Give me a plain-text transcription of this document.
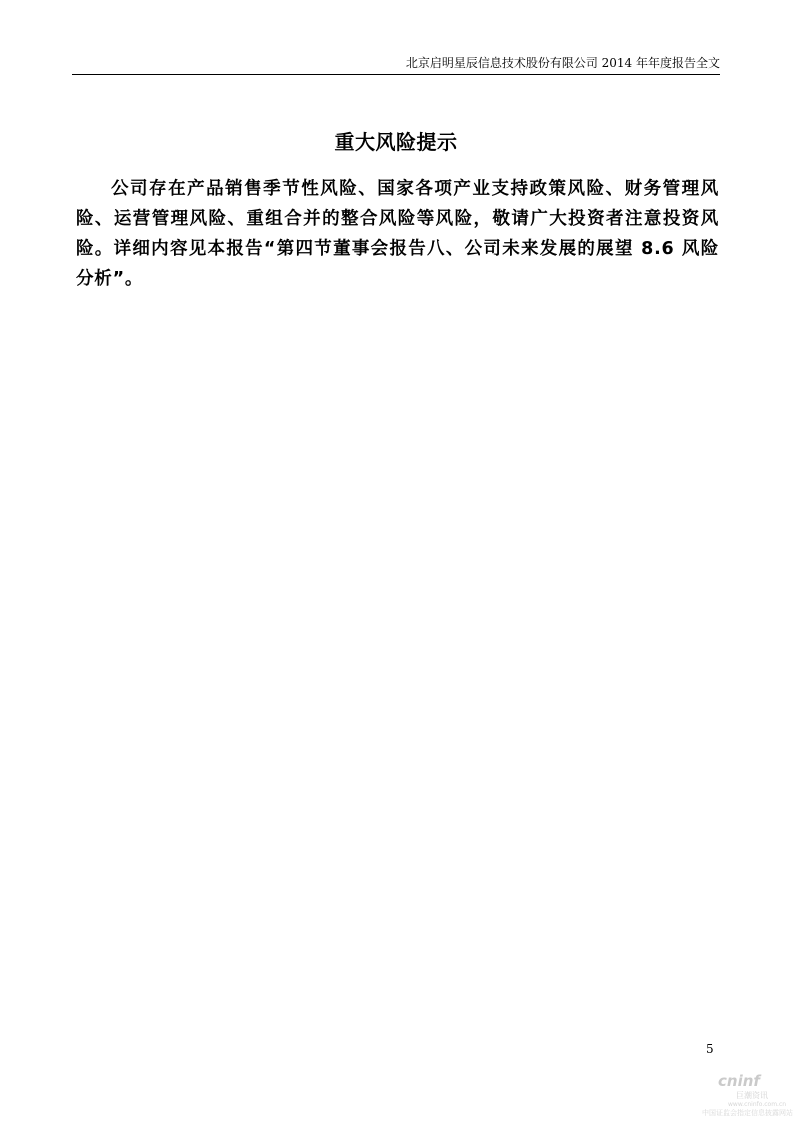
北京启明星辰信息技术股份有限公司 2014 年年度报告全文
重大风险提示

公司存在产品销售季节性风险、国家各项产业支持政策风险、财务管理风险、运营管理风险、重组合并的整合风险等风险，敬请广大投资者注意投资风险。详细内容见本报告“第四节董事会报告八、公司未来发展的展望 8.6 风险分析”。

5
cninf
巨潮资讯
www.cninfo.com.cn
中国证监会指定信息披露网站
